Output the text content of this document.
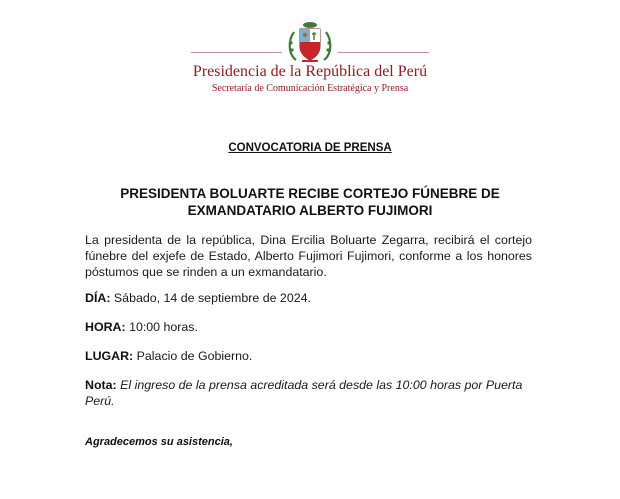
Presidencia de la República del Perú
Secretaría de Comunicación Estratégica y Prensa
CONVOCATORIA DE PRENSA
PRESIDENTA BOLUARTE RECIBE CORTEJO FÚNEBRE DE
EXMANDATARIO ALBERTO FUJIMORI
La presidenta de la república, Dina Ercilia Boluarte Zegarra, recibirá el cortejo fúnebre del exjefe de Estado, Alberto Fujimori Fujimori, conforme a los honores póstumos que se rinden a un exmandatario.
DÍA: Sábado, 14 de septiembre de 2024.
HORA: 10:00 horas.
LUGAR: Palacio de Gobierno.
Nota: El ingreso de la prensa acreditada será desde las 10:00 horas por Puerta Perú.
Agradecemos su asistencia,
